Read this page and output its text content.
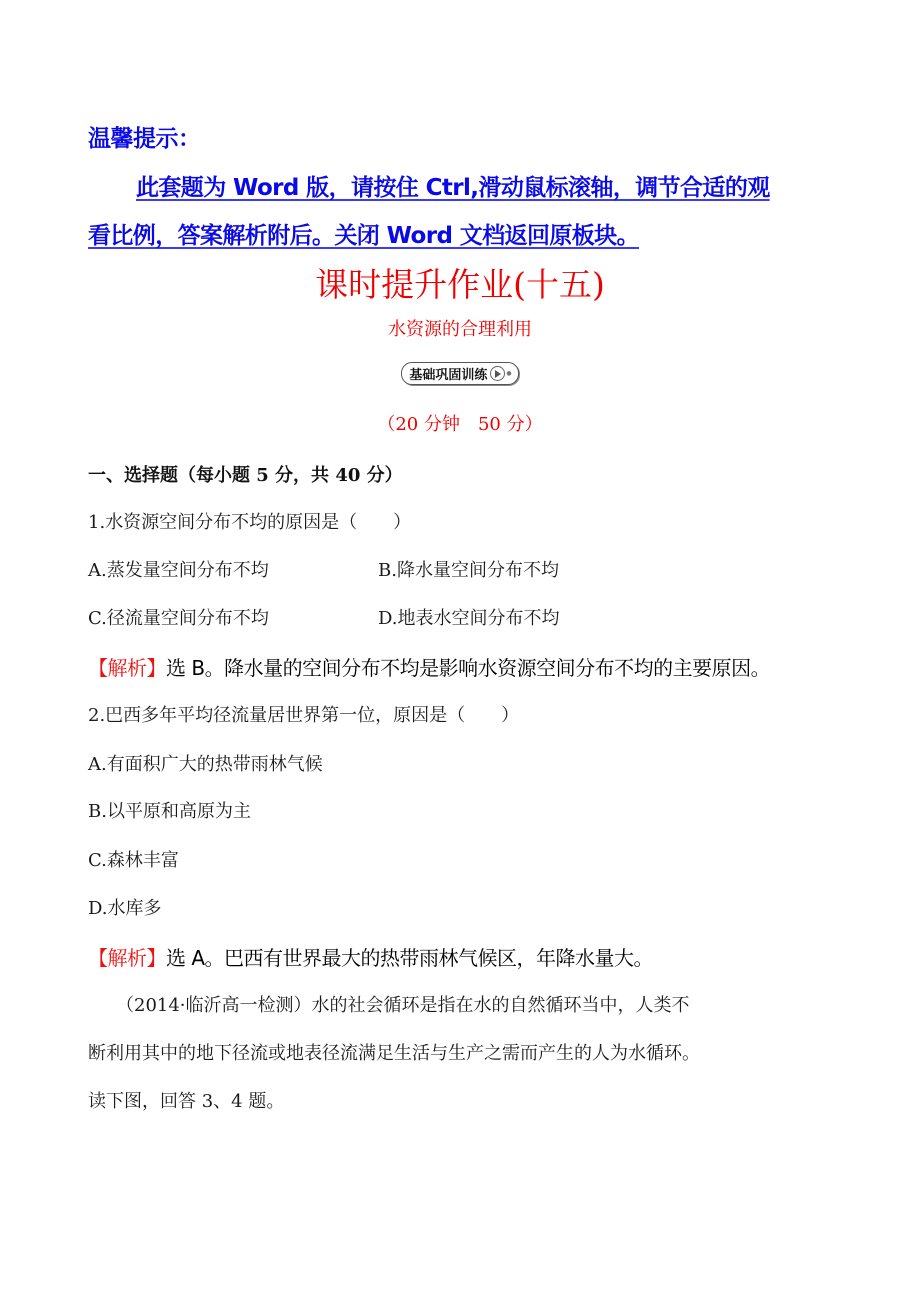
温馨提示：
此套题为 Word 版，请按住 Ctrl,滑动鼠标滚轴，调节合适的观
看比例，答案解析附后。关闭 Word 文档返回原板块。
课时提升作业(十五)
水资源的合理利用
基础巩固训练	●
（20 分钟　50 分）
一、选择题（每小题 5 分，共 40 分）
1.水资源空间分布不均的原因是（　　）
A.蒸发量空间分布不均	B.降水量空间分布不均
C.径流量空间分布不均	D.地表水空间分布不均
【解析】选 B。降水量的空间分布不均是影响水资源空间分布不均的主要原因。
2.巴西多年平均径流量居世界第一位，原因是（　　）
A.有面积广大的热带雨林气候
B.以平原和高原为主
C.森林丰富
D.水库多
【解析】选 A。巴西有世界最大的热带雨林气候区，年降水量大。
（2014·临沂高一检测）水的社会循环是指在水的自然循环当中，人类不
断利用其中的地下径流或地表径流满足生活与生产之需而产生的人为水循环。
读下图，回答 3、4 题。
